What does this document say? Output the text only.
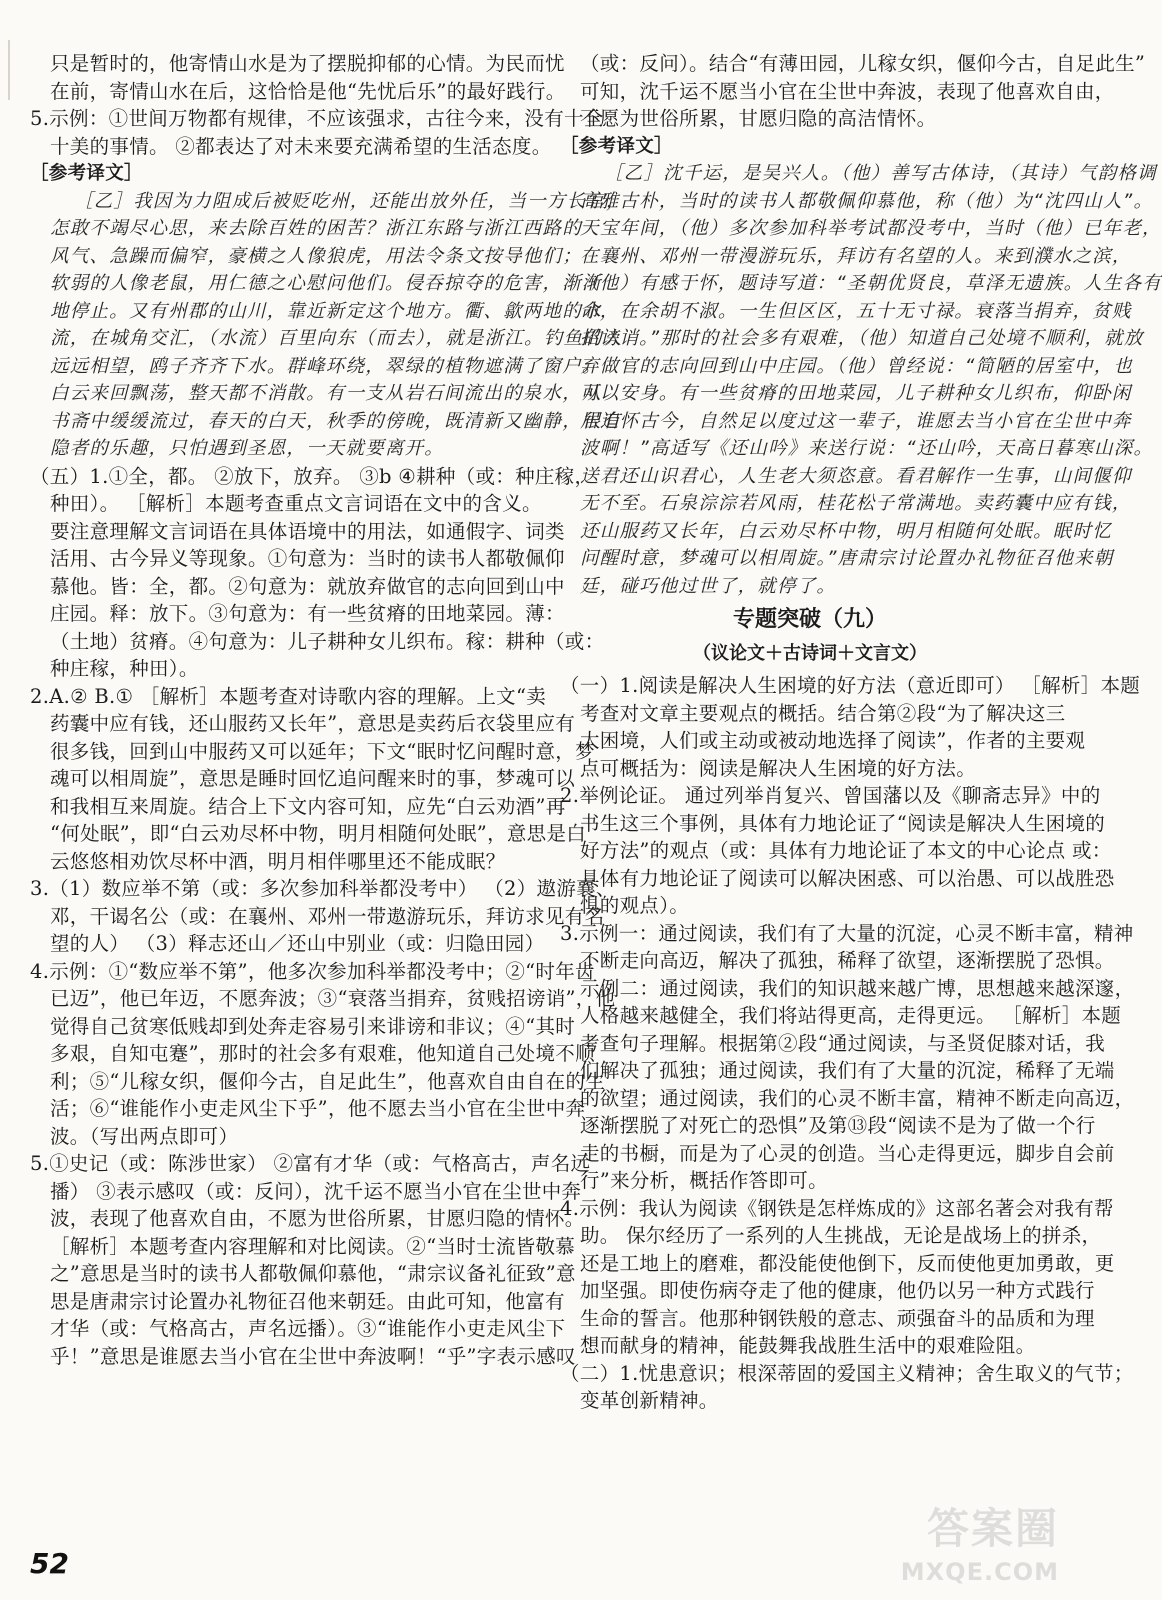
只是暂时的，他寄情山水是为了摆脱抑郁的心情。为民而忧
在前，寄情山水在后，这恰恰是他“先忧后乐”的最好践行。
5.示例：①世间万物都有规律，不应该强求，古往今来，没有十全
十美的事情。 ②都表达了对未来要充满希望的生活态度。
［参考译文］
［乙］我因为力阻成后被贬吃州，还能出放外任，当一方长官，
怎敢不竭尽心思，来去除百姓的困苦？浙江东路与浙江西路的
风气、急躁而偏窄，豪横之人像狼虎，用法令条文按导他们；
软弱的人像老鼠，用仁德之心慰问他们。侵吞掠夺的危害，渐渐
地停止。又有州郡的山川，靠近新定这个地方。衢、歙两地的水
流，在城角交汇，（水流）百里向东（而去），就是浙江。钓鱼的人
远远相望，鸥子齐齐下水。群峰环绕，翠绿的植物遮满了窗户。
白云来回飘荡，整天都不消散。有一支从岩石间流出的泉水，从
书斋中缓缓流过，春天的白天，秋季的傍晚，既清新又幽静，很有
隐者的乐趣，只怕遇到圣恩，一天就要离开。
（五）1.①全，都。 ②放下，放弃。 ③b ④耕种（或：种庄稼，
种田）。 ［解析］本题考查重点文言词语在文中的含义。
要注意理解文言词语在具体语境中的用法，如通假字、词类
活用、古今异义等现象。①句意为：当时的读书人都敬佩仰
慕他。皆：全，都。②句意为：就放弃做官的志向回到山中
庄园。释：放下。③句意为：有一些贫瘠的田地菜园。薄：
（土地）贫瘠。④句意为：儿子耕种女儿织布。稼：耕种（或：
种庄稼，种田）。
2.A.② B.① ［解析］本题考查对诗歌内容的理解。上文“卖
药囊中应有钱，还山服药又长年”，意思是卖药后衣袋里应有
很多钱，回到山中服药又可以延年；下文“眠时忆问醒时意，梦
魂可以相周旋”，意思是睡时回忆追问醒来时的事，梦魂可以
和我相互来周旋。结合上下文内容可知，应先“白云劝酒”再
“何处眠”，即“白云劝尽杯中物，明月相随何处眠”，意思是白
云悠悠相劝饮尽杯中酒，明月相伴哪里还不能成眠？
3.（1）数应举不第（或：多次参加科举都没考中） （2）遨游襄、
邓，干谒名公（或：在襄州、邓州一带遨游玩乐，拜访求见有名
望的人） （3）释志还山／还山中别业（或：归隐田园）
4.示例：①“数应举不第”，他多次参加科举都没考中；②“时年齿
已迈”，他已年迈，不愿奔波；③“衰落当捐弃，贫贱招谤诮”，他
觉得自己贫寒低贱却到处奔走容易引来诽谤和非议；④“其时
多艰，自知屯蹇”，那时的社会多有艰难，他知道自己处境不顺
利；⑤“儿稼女织，偃仰今古，自足此生”，他喜欢自由自在的生
活；⑥“谁能作小吏走风尘下乎”，他不愿去当小官在尘世中奔
波。（写出两点即可）
5.①史记（或：陈涉世家） ②富有才华（或：气格高古，声名远
播） ③表示感叹（或：反问），沈千运不愿当小官在尘世中奔
波，表现了他喜欢自由，不愿为世俗所累，甘愿归隐的情怀。
［解析］本题考查内容理解和对比阅读。②“当时士流皆敬慕
之”意思是当时的读书人都敬佩仰慕他，“肃宗议备礼征致”意
思是唐肃宗讨论置办礼物征召他来朝廷。由此可知，他富有
才华（或：气格高古，声名远播）。③“谁能作小吏走风尘下
乎！”意思是谁愿去当小官在尘世中奔波啊！“乎”字表示感叹
（或：反问）。结合“有薄田园，儿稼女织，偃仰今古，自足此生”
可知，沈千运不愿当小官在尘世中奔波，表现了他喜欢自由，
不愿为世俗所累，甘愿归隐的高洁情怀。
［参考译文］
［乙］沈千运，是吴兴人。（他）善写古体诗，（其诗）气韵格调
高雅古朴，当时的读书人都敬佩仰慕他，称（他）为“沈四山人”。
天宝年间，（他）多次参加科举考试都没考中，当时（他）已年老，
在襄州、邓州一带漫游玩乐，拜访有名望的人。来到濮水之滨，
（他）有感于怀，题诗写道：“圣朝优贤良，草泽无遗族。人生各有
命，在余胡不淑。一生但区区，五十无寸禄。衰落当捐弃，贫贱
招谤诮。”那时的社会多有艰难，（他）知道自己处境不顺利，就放
弃做官的志向回到山中庄园。（他）曾经说：“简陋的居室中，也
可以安身。有一些贫瘠的田地菜园，儿子耕种女儿织布，仰卧闲
居追怀古今，自然足以度过这一辈子，谁愿去当小官在尘世中奔
波啊！”高适写《还山吟》来送行说：“还山吟，天高日暮寒山深。
送君还山识君心，人生老大须恣意。看君解作一生事，山间偃仰
无不至。石泉淙淙若风雨，桂花松子常满地。卖药囊中应有钱，
还山服药又长年，白云劝尽杯中物，明月相随何处眠。眠时忆
问醒时意，梦魂可以相周旋。”唐肃宗讨论置办礼物征召他来朝
廷，碰巧他过世了，就停了。
专题突破（九）
（议论文＋古诗词＋文言文）
（一）1.阅读是解决人生困境的好方法（意近即可） ［解析］本题
考查对文章主要观点的概括。结合第②段“为了解决这三
大困境，人们或主动或被动地选择了阅读”，作者的主要观
点可概括为：阅读是解决人生困境的好方法。
2.举例论证。 通过列举肖复兴、曾国藩以及《聊斋志异》中的
书生这三个事例，具体有力地论证了“阅读是解决人生困境的
好方法”的观点（或：具体有力地论证了本文的中心论点 或：
具体有力地论证了阅读可以解决困惑、可以治愚、可以战胜恐
惧的观点）。
3.示例一：通过阅读，我们有了大量的沉淀，心灵不断丰富，精神
不断走向高迈，解决了孤独，稀释了欲望，逐渐摆脱了恐惧。
示例二：通过阅读，我们的知识越来越广博，思想越来越深邃，
人格越来越健全，我们将站得更高，走得更远。 ［解析］本题
考查句子理解。根据第②段“通过阅读，与圣贤促膝对话，我
们解决了孤独；通过阅读，我们有了大量的沉淀，稀释了无端
的欲望；通过阅读，我们的心灵不断丰富，精神不断走向高迈，
逐渐摆脱了对死亡的恐惧”及第⑬段“阅读不是为了做一个行
走的书橱，而是为了心灵的创造。当心走得更远，脚步自会前
行”来分析，概括作答即可。
4.示例：我认为阅读《钢铁是怎样炼成的》这部名著会对我有帮
助。 保尔经历了一系列的人生挑战，无论是战场上的拼杀，
还是工地上的磨难，都没能使他倒下，反而使他更加勇敢，更
加坚强。即使伤病夺走了他的健康，他仍以另一种方式践行
生命的誓言。他那种钢铁般的意志、顽强奋斗的品质和为理
想而献身的精神，能鼓舞我战胜生活中的艰难险阻。
（二）1.忧患意识；根深蒂固的爱国主义精神；舍生取义的气节；
变革创新精神。
52
答案圈
MXQE.COM
